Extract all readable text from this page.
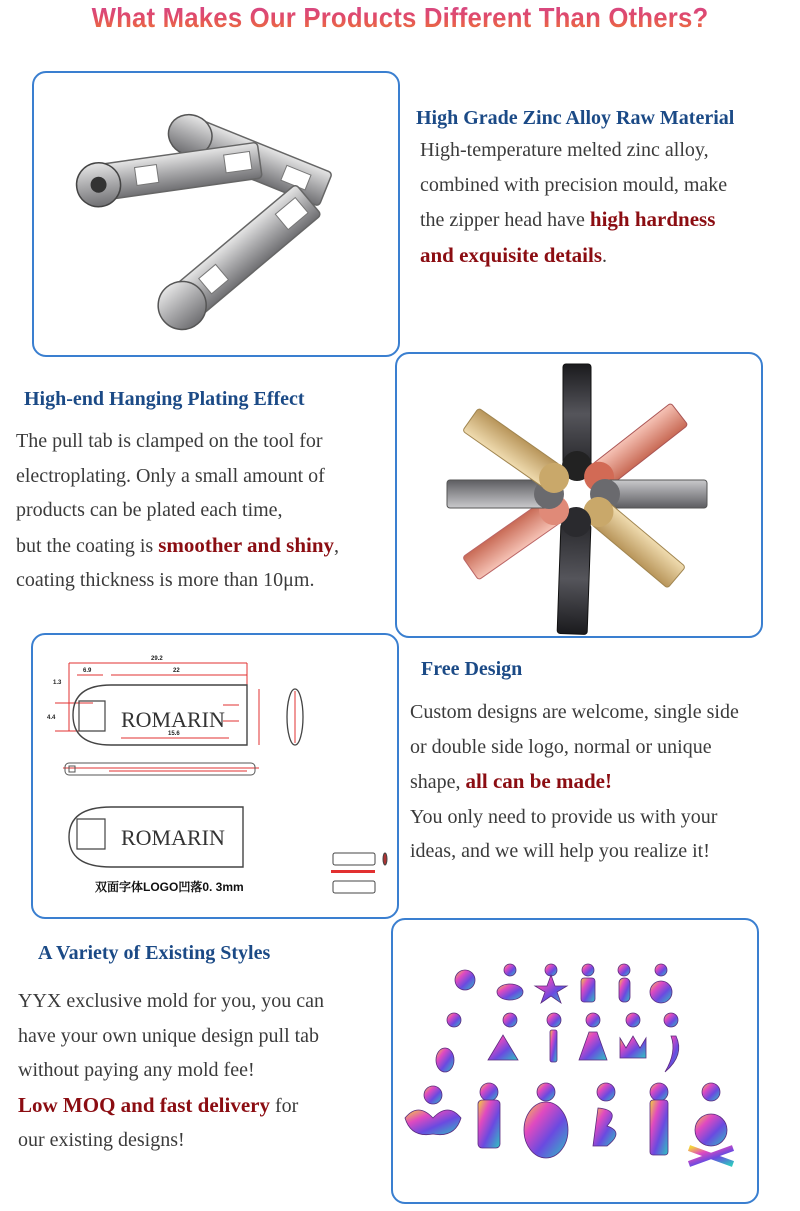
What Makes Our Products Different Than Others?
High Grade Zinc Alloy Raw Material
High-temperature melted zinc alloy,
combined with precision mould, make
the zipper head have high hardness
and exquisite details.
High-end Hanging Plating Effect
The pull tab is clamped on the tool for
electroplating. Only a small amount of
products can be plated each time,
but the coating is smoother and shiny,
coating thickness is more than 10μm.
29.2
6.9
1.3
22
4.4
15.6
ROMARIN
ROMARIN
双面字体LOGO凹落0. 3mm
Free Design
Custom designs are welcome, single side
or double side logo, normal or unique
shape, all can be made!
You only need to provide us with your
ideas, and we will help you realize it!
A Variety of Existing Styles
YYX exclusive mold for you, you can
have your own unique design pull tab
without paying any mold fee!
Low MOQ and fast delivery for
our existing designs!
